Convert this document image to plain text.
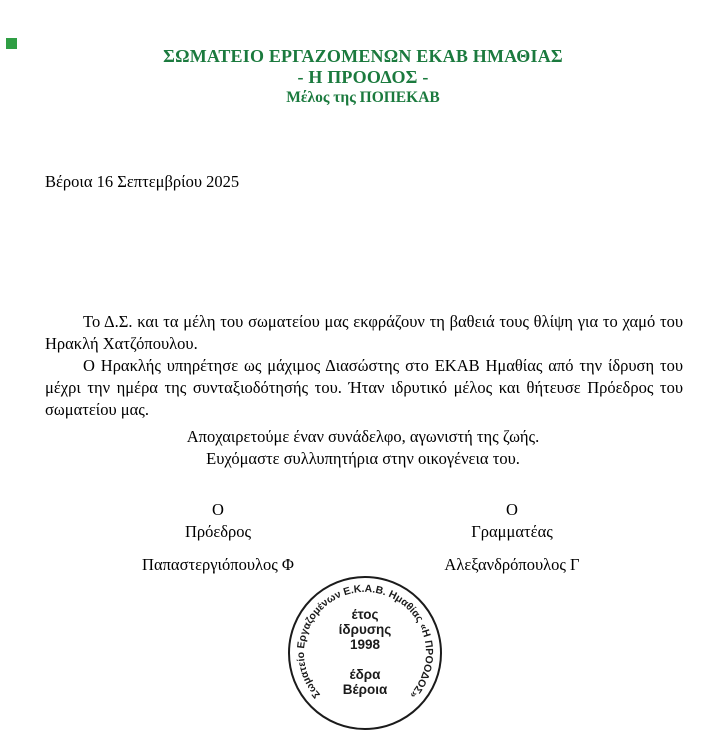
ΣΩΜΑΤΕΙΟ ΕΡΓΑΖΟΜΕΝΩΝ ΕΚΑΒ ΗΜΑΘΙΑΣ
- Η ΠΡΟΟΔΟΣ -
Μέλος της ΠΟΠΕΚΑΒ
Βέροια 16 Σεπτεμβρίου 2025

Το Δ.Σ. και τα μέλη του σωματείου μας εκφράζουν τη βαθειά τους θλίψη για το χαμό του Ηρακλή Χατζόπουλου.

Ο Ηρακλής υπηρέτησε ως μάχιμος Διασώστης στο ΕΚΑΒ Ημαθίας από την ίδρυση του μέχρι την ημέρα της συνταξιοδότησής του. Ήταν ιδρυτικό μέλος και θήτευσε Πρόεδρος του σωματείου μας.

Αποχαιρετούμε έναν συνάδελφο, αγωνιστή της ζωής.
Ευχόμαστε συλλυπητήρια στην οικογένεια του.
Ο
Πρόεδρος
Παπαστεργιόπουλος Φ
Ο
Γραμματέας
Αλεξανδρόπουλος Γ
Σωματείο Εργαζομένων Ε.Κ.Α.Β. Ημαθίας «Η ΠΡΟΟΔΟΣ»
έτος
ίδρυσης
1998
έδρα
Βέροια
